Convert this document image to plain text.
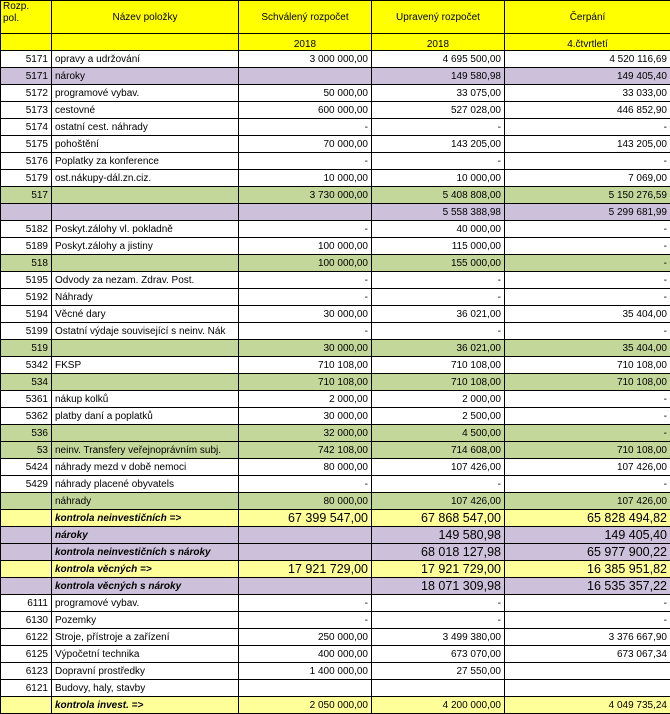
Rozp. pol.	Název položky	Schválený rozpočet	Upravený rozpočet	Čerpání
		2018	2018	4.čtvrtletí
5171	opravy a udržování	3 000 000,00	4 695 500,00	4 520 116,69
5171	nároky		149 580,98	149 405,40
5172	programové vybav.	50 000,00	33 075,00	33 033,00
5173	cestovné	600 000,00	527 028,00	446 852,90
5174	ostatní cest. náhrady	-	-	-
5175	pohoštění	70 000,00	143 205,00	143 205,00
5176	Poplatky za konference	-	-	-
5179	ost.nákupy-dál.zn.ciz.	10 000,00	10 000,00	7 069,00
517		3 730 000,00	5 408 808,00	5 150 276,59
			5 558 388,98	5 299 681,99
5182	Poskyt.zálohy vl. pokladně	-	40 000,00	-
5189	Poskyt.zálohy a jistiny	100 000,00	115 000,00	-
518		100 000,00	155 000,00	-
5195	Odvody za nezam. Zdrav. Post.	-	-	-
5192	Náhrady	-	-	-
5194	Věcné dary	30 000,00	36 021,00	35 404,00
5199	Ostatní výdaje související s neinv. Nák	-	-	-
519		30 000,00	36 021,00	35 404,00
5342	FKSP	710 108,00	710 108,00	710 108,00
534		710 108,00	710 108,00	710 108,00
5361	nákup kolků	2 000,00	2 000,00	-
5362	platby daní a poplatků	30 000,00	2 500,00	-
536		32 000,00	4 500,00	-
53	neinv. Transfery veřejnoprávním subj.	742 108,00	714 608,00	710 108,00
5424	náhrady mezd v době nemoci	80 000,00	107 426,00	107 426,00
5429	náhrady placené obyvatels	-	-	-
	náhrady	80 000,00	107 426,00	107 426,00
	kontrola neinvestičních =>	67 399 547,00	67 868 547,00	65 828 494,82
	nároky		149 580,98	149 405,40
	kontrola neinvestičních s nároky		68 018 127,98	65 977 900,22
	kontrola věcných =>	17 921 729,00	17 921 729,00	16 385 951,82
	kontrola věcných s nároky		18 071 309,98	16 535 357,22
6111	programové vybav.	-	-	-
6130	Pozemky	-	-	-
6122	Stroje, přístroje a zařízení	250 000,00	3 499 380,00	3 376 667,90
6125	Výpočetní technika	400 000,00	673 070,00	673 067,34
6123	Dopravní prostředky	1 400 000,00	27 550,00	
6121	Budovy, haly, stavby			
	kontrola invest. =>	2 050 000,00	4 200 000,00	4 049 735,24
